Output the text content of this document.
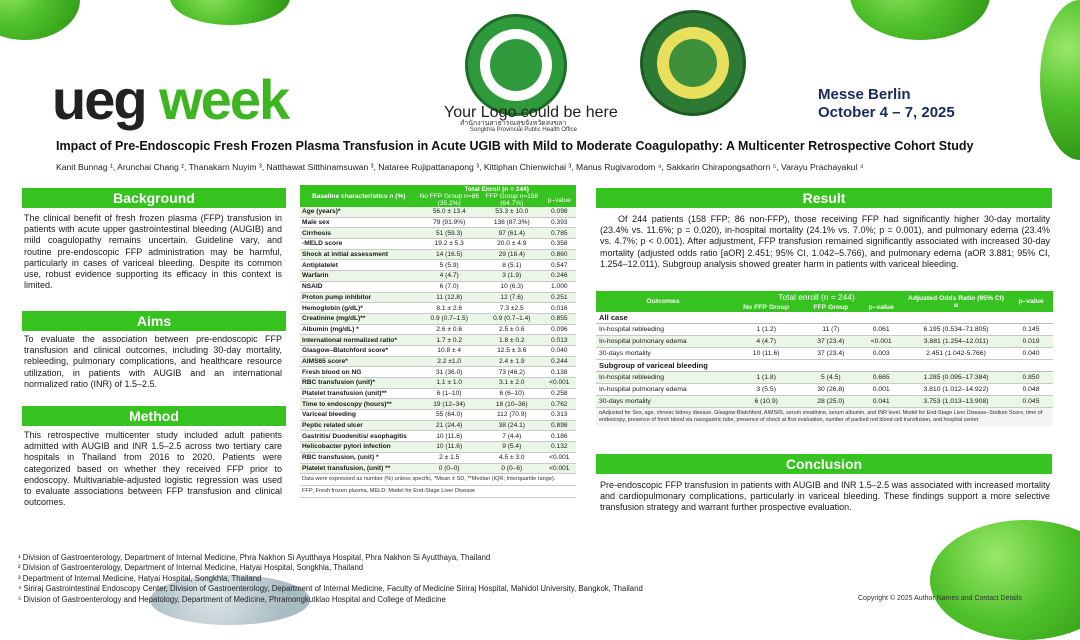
ueg week	Your Logo could be here
สำนักงานสาธารณสุขจังหวัดสงขลา
Songkhla Provincial Public Health Office
Messe Berlin
October 4 – 7, 2025
Impact of Pre-Endoscopic Fresh Frozen Plasma Transfusion in Acute UGIB with Mild to Moderate Coagulopathy: A Multicenter Retrospective Cohort Study
Kanit Bunnag ¹, Arunchai Chang ², Thanakarn Nuyim ³, Natthawat Sitthinamsuwan ³, Nataree Rujipattanapong ³, Kittiphan Chienwichai ³, Manus Rugivarodom ⁴, Sakkarin Chirapongsathorn ⁵, Varayu Prachayakul ⁴
Background
The clinical benefit of fresh frozen plasma (FFP) transfusion in patients with acute upper gastrointestinal bleeding (AUGIB) and mild coagulopathy remains uncertain. Guideline vary, and routine pre-endoscopic FFP administration may be harmful, particularly in cases of variceal bleeding. Despite its common use, robust evidence supporting its efficacy in this context is limited.
Aims
To evaluate the association between pre-endoscopic FFP transfusion and clinical outcomes, including 30-day mortality, rebleeding, pulmonary complications, and healthcare resource utilization, in patients with AUGIB and an international normalized ratio (INR) of 1.5–2.5.
Method
This retrospective multicenter study included adult patients admitted with AUGIB and INR 1.5–2.5 across two tertiary care hospitals in Thailand from 2016 to 2020. Patients were categorized based on whether they received FFP prior to endoscopy. Multivariable-adjusted logistic regression was used to evaluate associations between FFP transfusion and clinical outcomes.
Baseline characteristics n (%)	Total Enroll (n = 244)		
	No FFP Group n=86 (35.2%)	FFP Group n=158 (64.7%)	p–value
Age (years)*	56.0 ± 13.4	53.3 ± 10.0	0.098
Male sex	79 (91.9%)	138 (87.3%)	0.393
Cirrhosis	51 (59.3)	97 (61.4)	0.785
-MELD score	19.2 ± 5.3	20.0 ± 4.9	0.358
Shock at initial assessment	14 (16.5)	29 (18.4)	0.860
Antiplatelet	5 (5.9)	8 (5.1)	0.547
Warfarin	4 (4.7)	3 (1.9)	0.246
NSAID	6 (7.0)	10 (6.3)	1.000
Proton pump inhibitor	11 (12.8)	12 (7.6)	0.251
Hemoglobin (g/dL)*	8.1 ± 2.6	7.3 ±2.5	0.016
Creatinine (mg/dL)**	0.9 (0.7–1.5)	0.9 (0.7–1.4)	0.855
Albumin (mg/dL) *	2.6 ± 0.6	2.5 ± 0.6	0.096
International normalized ratio*	1.7 ± 0.2	1.8 ± 0.2	0.013
Glasgow–Blatchford score*	10.8 ± 4	12.5 ± 3.6	0.040
AIMS65 score*	2.2 ±1.0	2.4 ± 1.9	0.244
Fresh blood on NG	31 (36.0)	73 (46.2)	0.138
RBC transfusion (unit)*	1.1 ± 1.0	3.1 ± 2.0	<0.001
Platelet transfusion (unit)**	6 (1–10)	6 (6–10)	0.258
Time to endoscopy (hours)**	19 (12–34)	18 (10–36)	0.762
Variceal bleeding	55 (64.0)	112 (70.9)	0.313
Peptic related ulcer	21 (24.4)	38 (24.1)	0.898
Gastritis/ Duodenitis/ esophagitis	10 (11.6)	7 (4.4)	0.186
Helicobacter pylori infection	10 (11.6)	9 (5.4)	0.132
RBC transfusion, (unit) *	2 ± 1.5	4.5 ± 3.0	<0.001
Platelet transfusion, (unit) **	0 (0–0)	0 (0–6)	<0.001
Data were expressed as number (%) unless specific, *Mean ± SD, **Median (IQR; Interquartile range).
FFP; Fresh frozen plasma, MELD; Model for End-Stage Liver Disease
Result
Of 244 patients (158 FFP; 86 non-FFP), those receiving FFP had significantly higher 30-day mortality (23.4% vs. 11.6%; p = 0.020), in-hospital mortality (24.1% vs. 7.0%; p = 0.001), and pulmonary edema (23.4% vs. 4.7%; p < 0.001). After adjustment, FFP transfusion remained significantly associated with increased 30-day mortality (adjusted odds ratio [aOR] 2.451; 95% CI, 1.042–5.766), and pulmonary edema (aOR 3.881; 95% CI, 1.254–12.011). Subgroup analysis showed greater harm in patients with variceal bleeding.
Outcomes	Total enroll (n = 244)			Adjusted Odds Ratio (95% CI) α	p–value
	No FFP Group	FFP Group	p–value		
All case					
In-hospital rebleeding	1 (1.2)	11 (7)	0.061	6.195 (0.534–71.805)	0.145
In-hospital pulmonary edema	4 (4.7)	37 (23.4)	<0.001	3.881 (1.254–12.011)	0.019
30-days mortality	10 (11.6)	37 (23.4)	0.003	2.451 (1.042-5.766)	0.040
Subgroup of variceal bleeding					
In-hospital rebleeding	1 (1.8)	5 (4.5)	0.665	1.285 (0.095–17.384)	0.850
In-hospital pulmonary edema	3 (5.5)	30 (26.8)	0.001	3.810 (1.012–14.922)	0.048
30-days mortality	6 (10.9)	28 (25.0)	0.041	3.753 (1.013–13.908)	0.045
αAdjusted for Sex, age, chronic kidney disease, Glasgow-Blatchford, AIMS65, serum creatinine, serum albumin, and INR level. Model for End-Stage Liver Disease–Sodium Score, time of endoscopy, presence of fresh blood via nasogastric tube, presence of shock at first evaluation, number of packed red blood cell transfusion, and hospital center
Conclusion
Pre-endoscopic FFP transfusion in patients with AUGIB and INR 1.5–2.5 was associated with increased mortality and cardiopulmonary complications, particularly in variceal bleeding. These findings support a more selective transfusion strategy and warrant further prospective evaluation.
¹ Division of Gastroenterology, Department of Internal Medicine, Phra Nakhon Si Ayutthaya Hospital, Phra Nakhon Si Ayutthaya, Thailand
² Division of Gastroenterology, Department of Internal Medicine, Hatyai Hospital, Songkhla, Thailand
³ Department of Internal Medicine, Hatyai Hospital, Songkhla, Thailand
⁴ Siriraj Gastrointestinal Endoscopy Center, Division of Gastroenterology, Department of Internal Medicine, Faculty of Medicine Siriraj Hospital, Mahidol University, Bangkok, Thailand
⁵ Division of Gastroenterology and Hepatology, Department of Medicine, Phramongkutklao Hospital and College of Medicine	Copyright © 2025 Author Names and Contact Details
